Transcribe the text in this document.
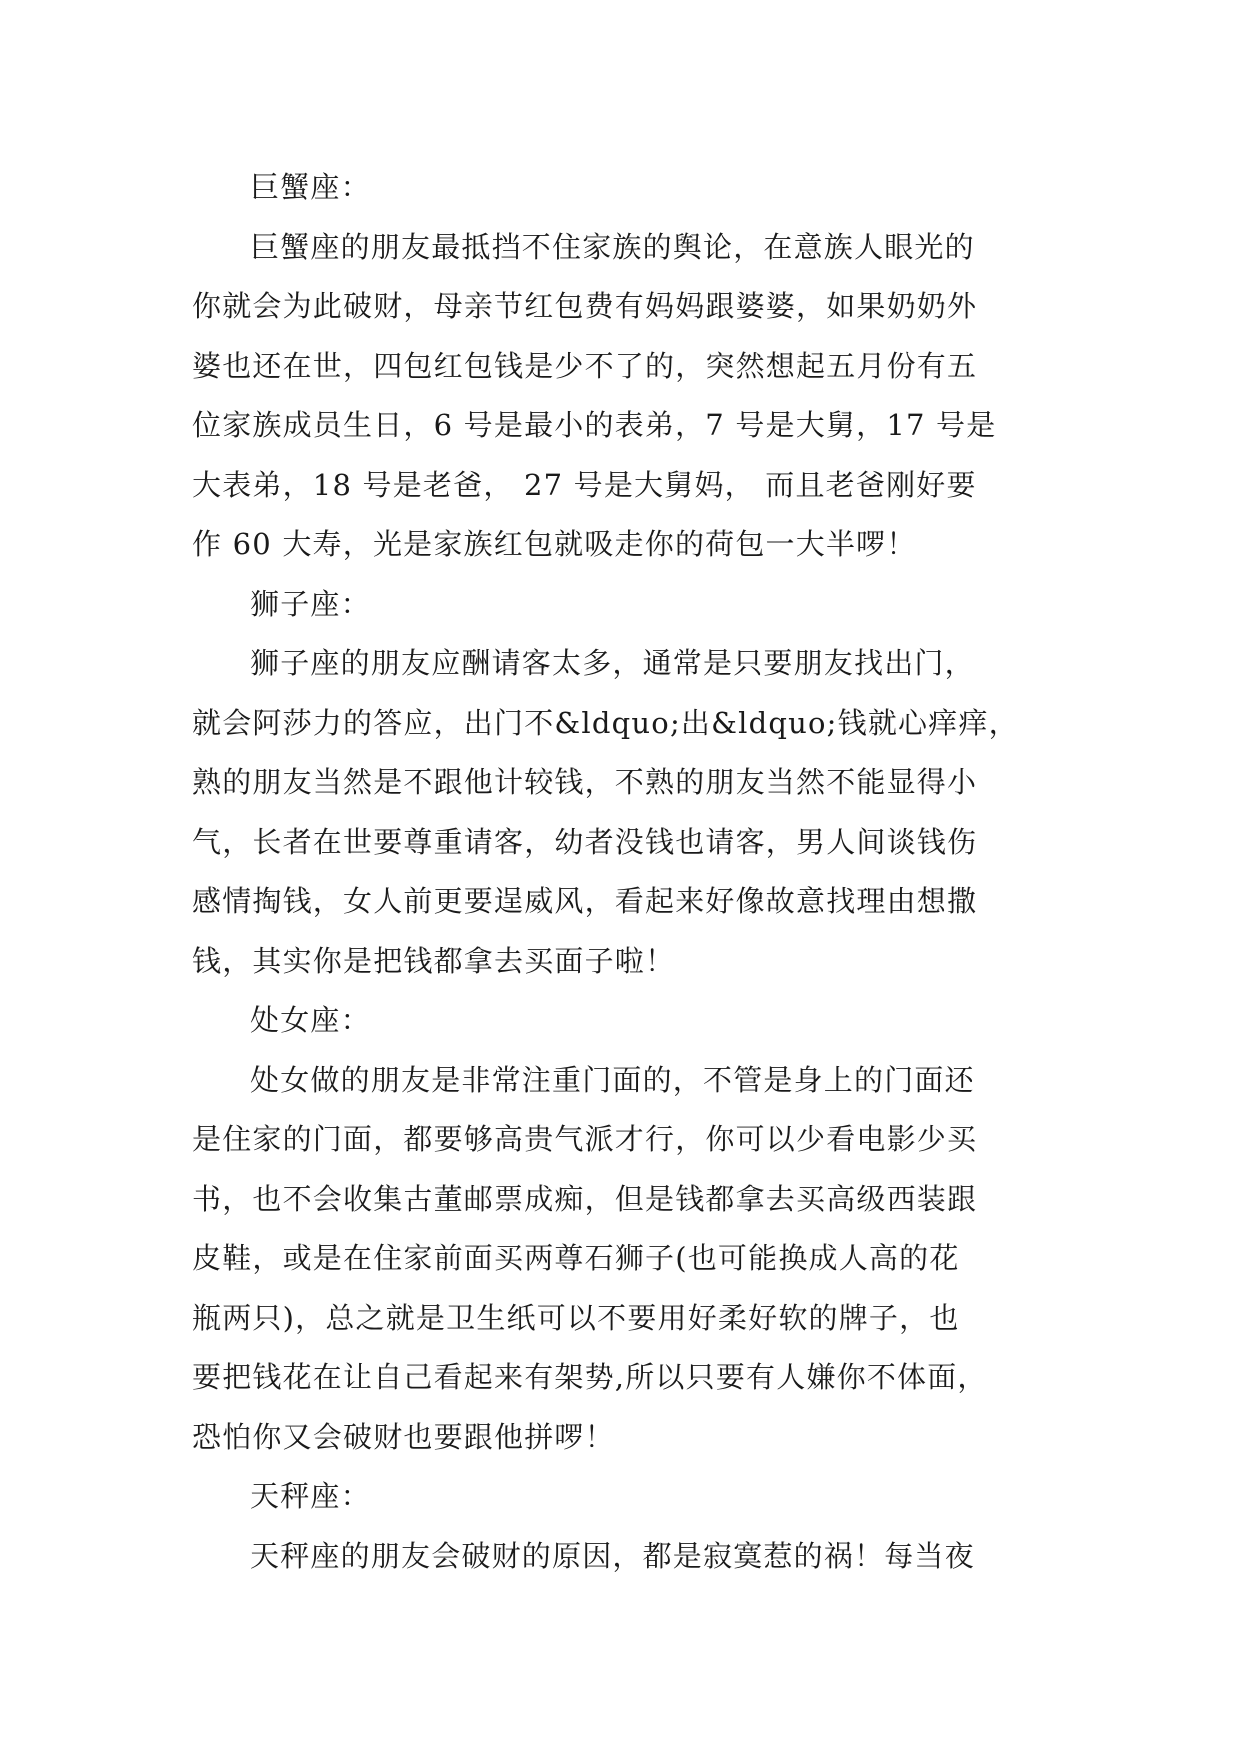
巨蟹座：
巨蟹座的朋友最抵挡不住家族的舆论，在意族人眼光的
你就会为此破财，母亲节红包费有妈妈跟婆婆，如果奶奶外
婆也还在世，四包红包钱是少不了的，突然想起五月份有五
位家族成员生日，6 号是最小的表弟，7 号是大舅，17 号是
大表弟，18 号是老爸， 27 号是大舅妈， 而且老爸刚好要
作 60 大寿，光是家族红包就吸走你的荷包一大半啰！
狮子座：
狮子座的朋友应酬请客太多，通常是只要朋友找出门，
就会阿莎力的答应，出门不&ldquo;出&ldquo;钱就心痒痒，
熟的朋友当然是不跟他计较钱，不熟的朋友当然不能显得小
气，长者在世要尊重请客，幼者没钱也请客，男人间谈钱伤
感情掏钱，女人前更要逞威风，看起来好像故意找理由想撒
钱，其实你是把钱都拿去买面子啦！
处女座：
处女做的朋友是非常注重门面的，不管是身上的门面还
是住家的门面，都要够高贵气派才行，你可以少看电影少买
书，也不会收集古董邮票成痴，但是钱都拿去买高级西装跟
皮鞋，或是在住家前面买两尊石狮子(也可能换成人高的花
瓶两只)，总之就是卫生纸可以不要用好柔好软的牌子，也
要把钱花在让自己看起来有架势,所以只要有人嫌你不体面，
恐怕你又会破财也要跟他拼啰！
天秤座：
天秤座的朋友会破财的原因，都是寂寞惹的祸！每当夜
